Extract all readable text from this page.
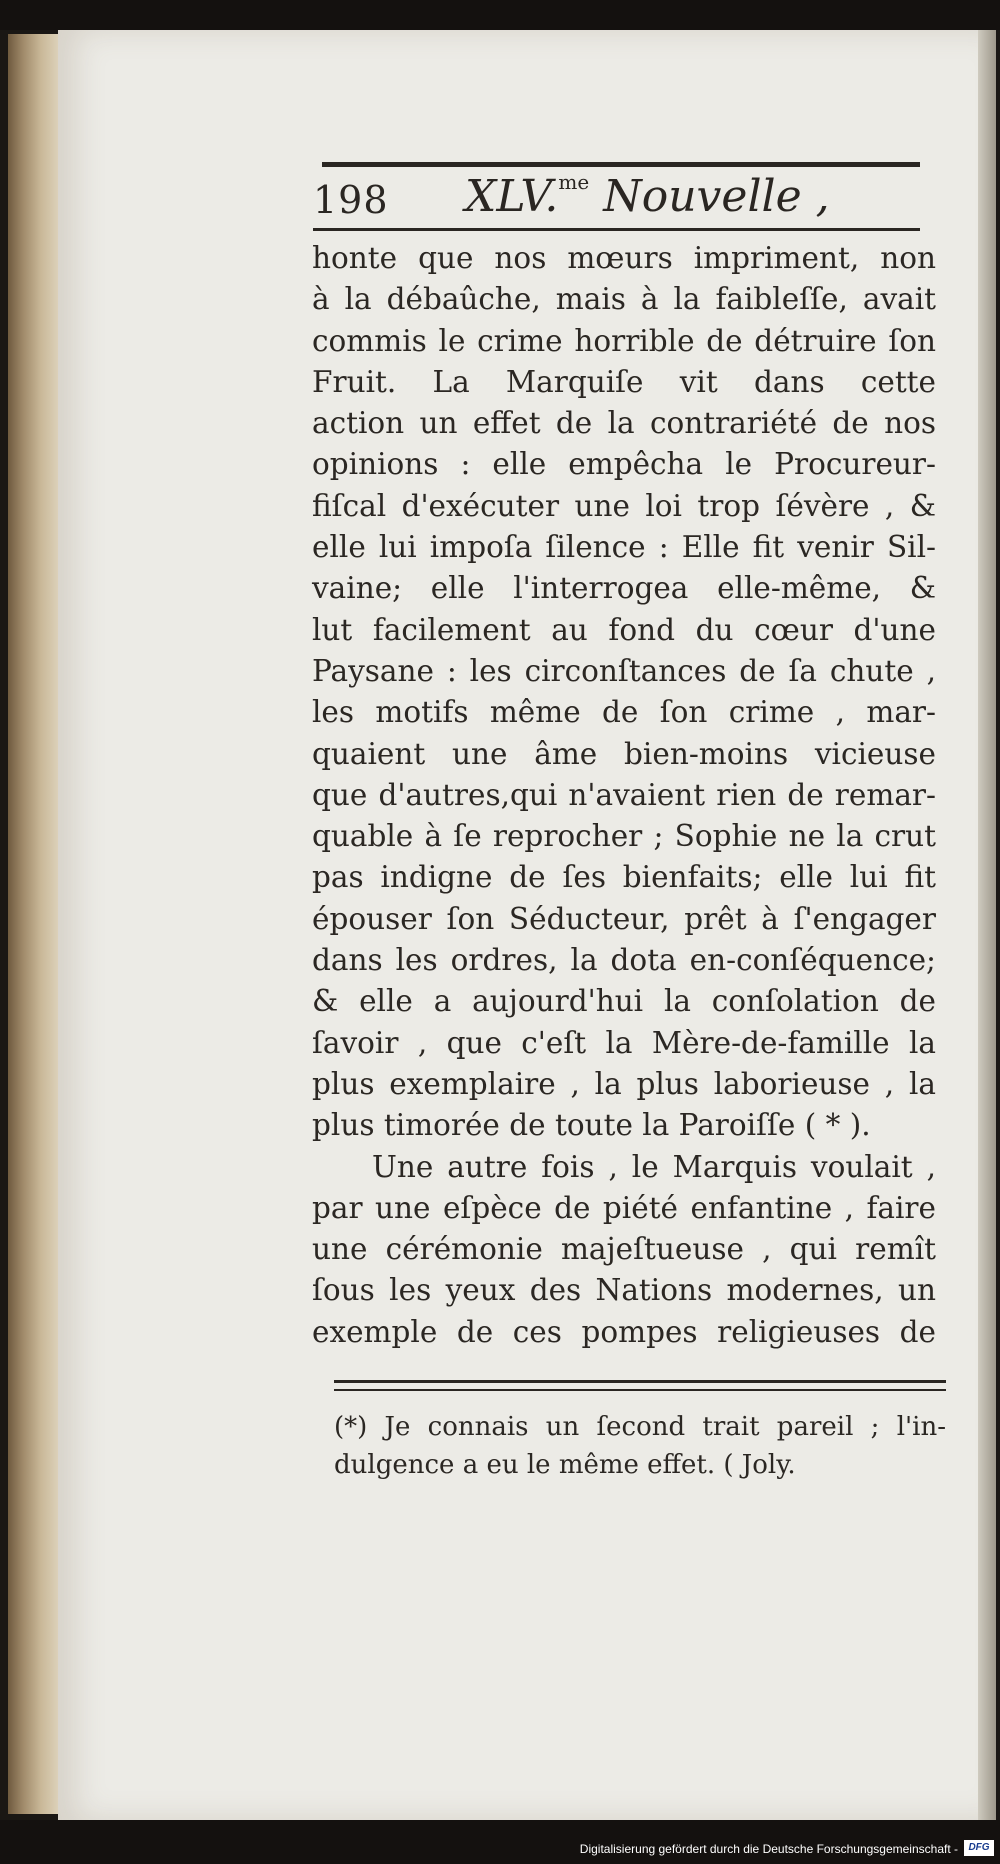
198 XLV.$^{me}$ Nouvelle ,
honte que nos mœurs impriment, non
à la débaûche, mais à la faibleſſe, avait
commis le crime horrible de détruire ſon
Fruit. La Marquiſe vit dans cette
action un effet de la contrariété de nos
opinions : elle empêcha le Procureur-
fiſcal d'exécuter une loi trop ſévère , &
elle lui impoſa ſilence : Elle fit venir Sil-
vaine; elle l'interrogea elle-même, &
lut facilement au fond du cœur d'une
Paysane : les circonſtances de ſa chute ,
les motifs même de ſon crime , mar-
quaient une âme bien-moins vicieuse
que d'autres,qui n'avaient rien de remar-
quable à ſe reprocher ; Sophie ne la crut
pas indigne de ſes bienfaits; elle lui fit
épouser ſon Séducteur, prêt à ſ'engager
dans les ordres, la dota en-conſéquence;
& elle a aujourd'hui la conſolation de
ſavoir , que c'eſt la Mère-de-famille la
plus exemplaire , la plus laborieuse , la
plus timorée de toute la Paroiſſe ( * ).
Une autre fois , le Marquis voulait ,
par une eſpèce de piété enfantine , faire
une cérémonie majeſtueuse , qui remît
ſous les yeux des Nations modernes, un
exemple de ces pompes religieuses de
(*) Je connais un ſecond trait pareil ; l'in-
dulgence a eu le même effet. ( Joly.
Digitalisierung gefördert durch die Deutsche Forschungsgemeinschaft -	DFG
